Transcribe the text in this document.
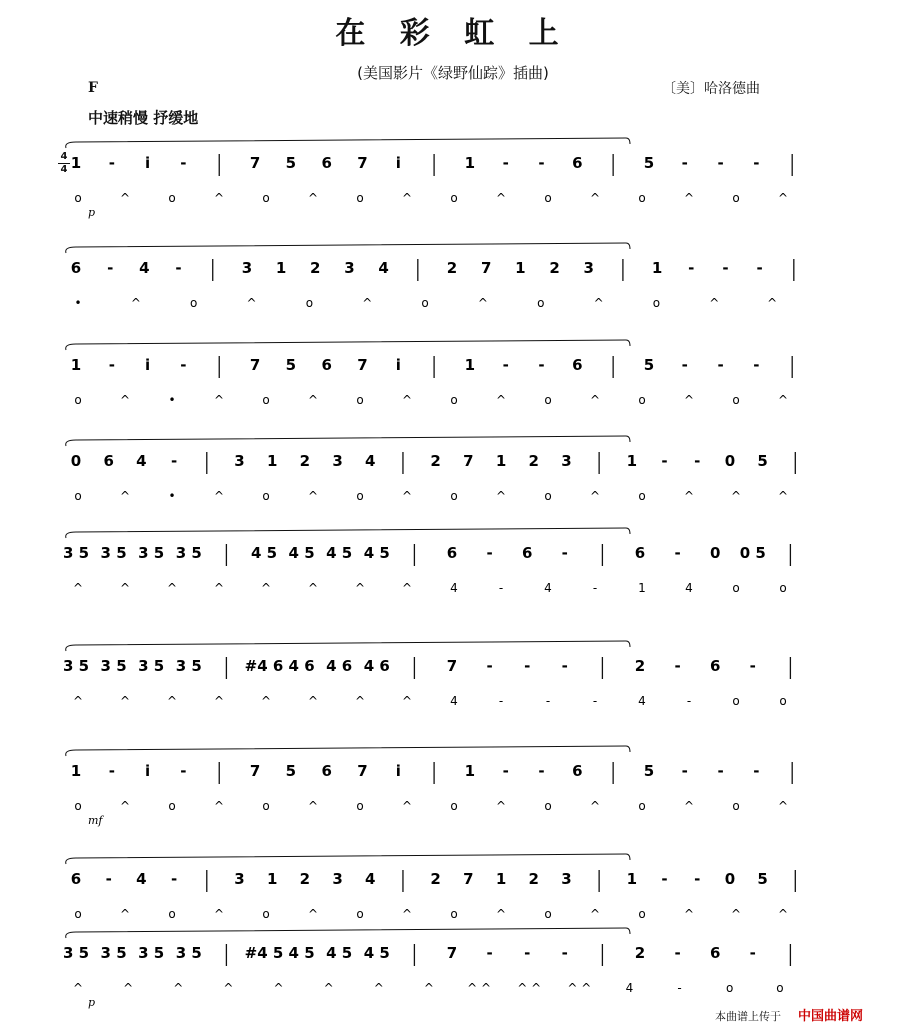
在 彩 虹 上
(美国影片《绿野仙踪》插曲)
〔美〕哈洛德曲
F
中速稍慢 抒缓地
4
4 1 - i -	7 5 6 7 i	1 - - 6	5 - - -
o	^	o	^	o	^	o	^	o	^	o	^	o	^	o	^
p
6 - 4 -	3 1 2 3 4	2 7 1 2 3	1 - - -
•	^	o	^	o	^	o	^	o	^	o	^	^
1 - i -	7 5 6 7 i	1 - - 6	5 - - -
o	^	•	^	o	^	o	^	o	^	o	^	o	^	o	^
0 6 4 -	3 1 2 3 4	2 7 1 2 3	1 - - 0 5
o	^	•	^	o	^	o	^	o	^	o	^	o	^	^	^
3 5 3 5 3 5 3 5	4 5 4 5 4 5 4 5	6 - 6 -	6 - 0 0 5
^	^	^	^	^	^	^	^	4	-	4	-	1	4	o	o
3 5 3 5 3 5 3 5	#4 6 4 6 4 6 4 6	7 - - -	2 - 6 -
^	^	^	^	^	^	^	^	4	-	-	-	4	-	o	o
1 - i -	7 5 6 7 i	1 - - 6	5 - - -
o	^	o	^	o	^	o	^	o	^	o	^	o	^	o	^
mf
6 - 4 -	3 1 2 3 4	2 7 1 2 3	1 - - 0 5
o	^	o	^	o	^	o	^	o	^	o	^	o	^	^	^
3 5 3 5 3 5 3 5	#4 5 4 5 4 5 4 5	7 - - -	2 - 6 -
^	^	^	^	^	^	^	^	^ ^ ^ ^ ^ ^	4	-	o	o
p
本曲谱上传于 中国曲谱网
